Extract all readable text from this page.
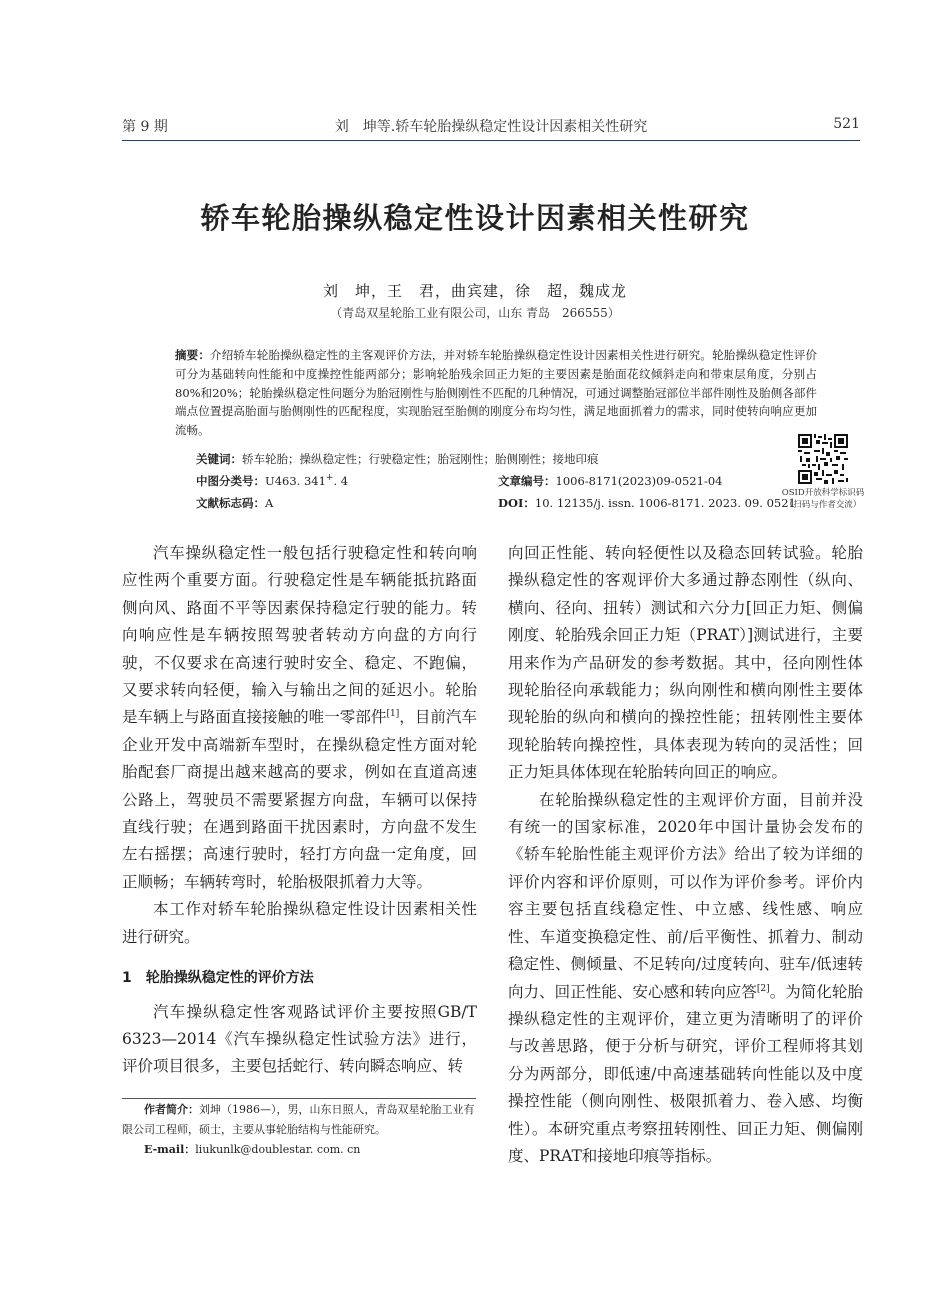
第 9 期	刘　坤等.轿车轮胎操纵稳定性设计因素相关性研究	521
轿车轮胎操纵稳定性设计因素相关性研究
刘　坤，王　君，曲宾建，徐　超，魏成龙
（青岛双星轮胎工业有限公司，山东 青岛　266555）
摘要：介绍轿车轮胎操纵稳定性的主客观评价方法，并对轿车轮胎操纵稳定性设计因素相关性进行研究。轮胎操纵稳定性评价可分为基础转向性能和中度操控性能两部分；影响轮胎残余回正力矩的主要因素是胎面花纹倾斜走向和带束层角度，分别占80%和20%；轮胎操纵稳定性问题分为胎冠刚性与胎侧刚性不匹配的几种情况，可通过调整胎冠部位半部件刚性及胎侧各部件端点位置提高胎面与胎侧刚性的匹配程度，实现胎冠至胎侧的刚度分布均匀性，满足地面抓着力的需求，同时使转向响应更加流畅。
关键词：轿车轮胎；操纵稳定性；行驶稳定性；胎冠刚性；胎侧刚性；接地印痕
中图分类号：U463. 341+. 4
文献标志码：A
文章编号：1006-8171(2023)09-0521-04
DOI：10. 12135/j. issn. 1006-8171. 2023. 09. 0521
OSID开放科学标识码
（扫码与作者交流）

汽车操纵稳定性一般包括行驶稳定性和转向响应性两个重要方面。行驶稳定性是车辆能抵抗路面侧向风、路面不平等因素保持稳定行驶的能力。转向响应性是车辆按照驾驶者转动方向盘的方向行驶，不仅要求在高速行驶时安全、稳定、不跑偏，又要求转向轻便，输入与输出之间的延迟小。轮胎是车辆上与路面直接接触的唯一零部件[1]，目前汽车企业开发中高端新车型时，在操纵稳定性方面对轮胎配套厂商提出越来越高的要求，例如在直道高速公路上，驾驶员不需要紧握方向盘，车辆可以保持直线行驶；在遇到路面干扰因素时，方向盘不发生左右摇摆；高速行驶时，轻打方向盘一定角度，回正顺畅；车辆转弯时，轮胎极限抓着力大等。

本工作对轿车轮胎操纵稳定性设计因素相关性进行研究。

1 轮胎操纵稳定性的评价方法

汽车操纵稳定性客观路试评价主要按照GB/T 6323—2014《汽车操纵稳定性试验方法》进行，评价项目很多，主要包括蛇行、转向瞬态响应、转

向回正性能、转向轻便性以及稳态回转试验。轮胎操纵稳定性的客观评价大多通过静态刚性（纵向、横向、径向、扭转）测试和六分力[回正力矩、侧偏刚度、轮胎残余回正力矩（PRAT）]测试进行，主要用来作为产品研发的参考数据。其中，径向刚性体现轮胎径向承载能力；纵向刚性和横向刚性主要体现轮胎的纵向和横向的操控性能；扭转刚性主要体现轮胎转向操控性，具体表现为转向的灵活性；回正力矩具体体现在轮胎转向回正的响应。

在轮胎操纵稳定性的主观评价方面，目前并没有统一的国家标准，2020年中国计量协会发布的《轿车轮胎性能主观评价方法》给出了较为详细的评价内容和评价原则，可以作为评价参考。评价内容主要包括直线稳定性、中立感、线性感、响应性、车道变换稳定性、前/后平衡性、抓着力、制动稳定性、侧倾量、不足转向/过度转向、驻车/低速转向力、回正性能、安心感和转向应答[2]。为简化轮胎操纵稳定性的主观评价，建立更为清晰明了的评价与改善思路，便于分析与研究，评价工程师将其划分为两部分，即低速/中高速基础转向性能以及中度操控性能（侧向刚性、极限抓着力、卷入感、均衡性）。本研究重点考察扭转刚性、回正力矩、侧偏刚度、PRAT和接地印痕等指标。

作者简介：刘坤（1986—），男，山东日照人，青岛双星轮胎工业有限公司工程师，硕士，主要从事轮胎结构与性能研究。
E-mail：liukunlk@doublestar. com. cn
